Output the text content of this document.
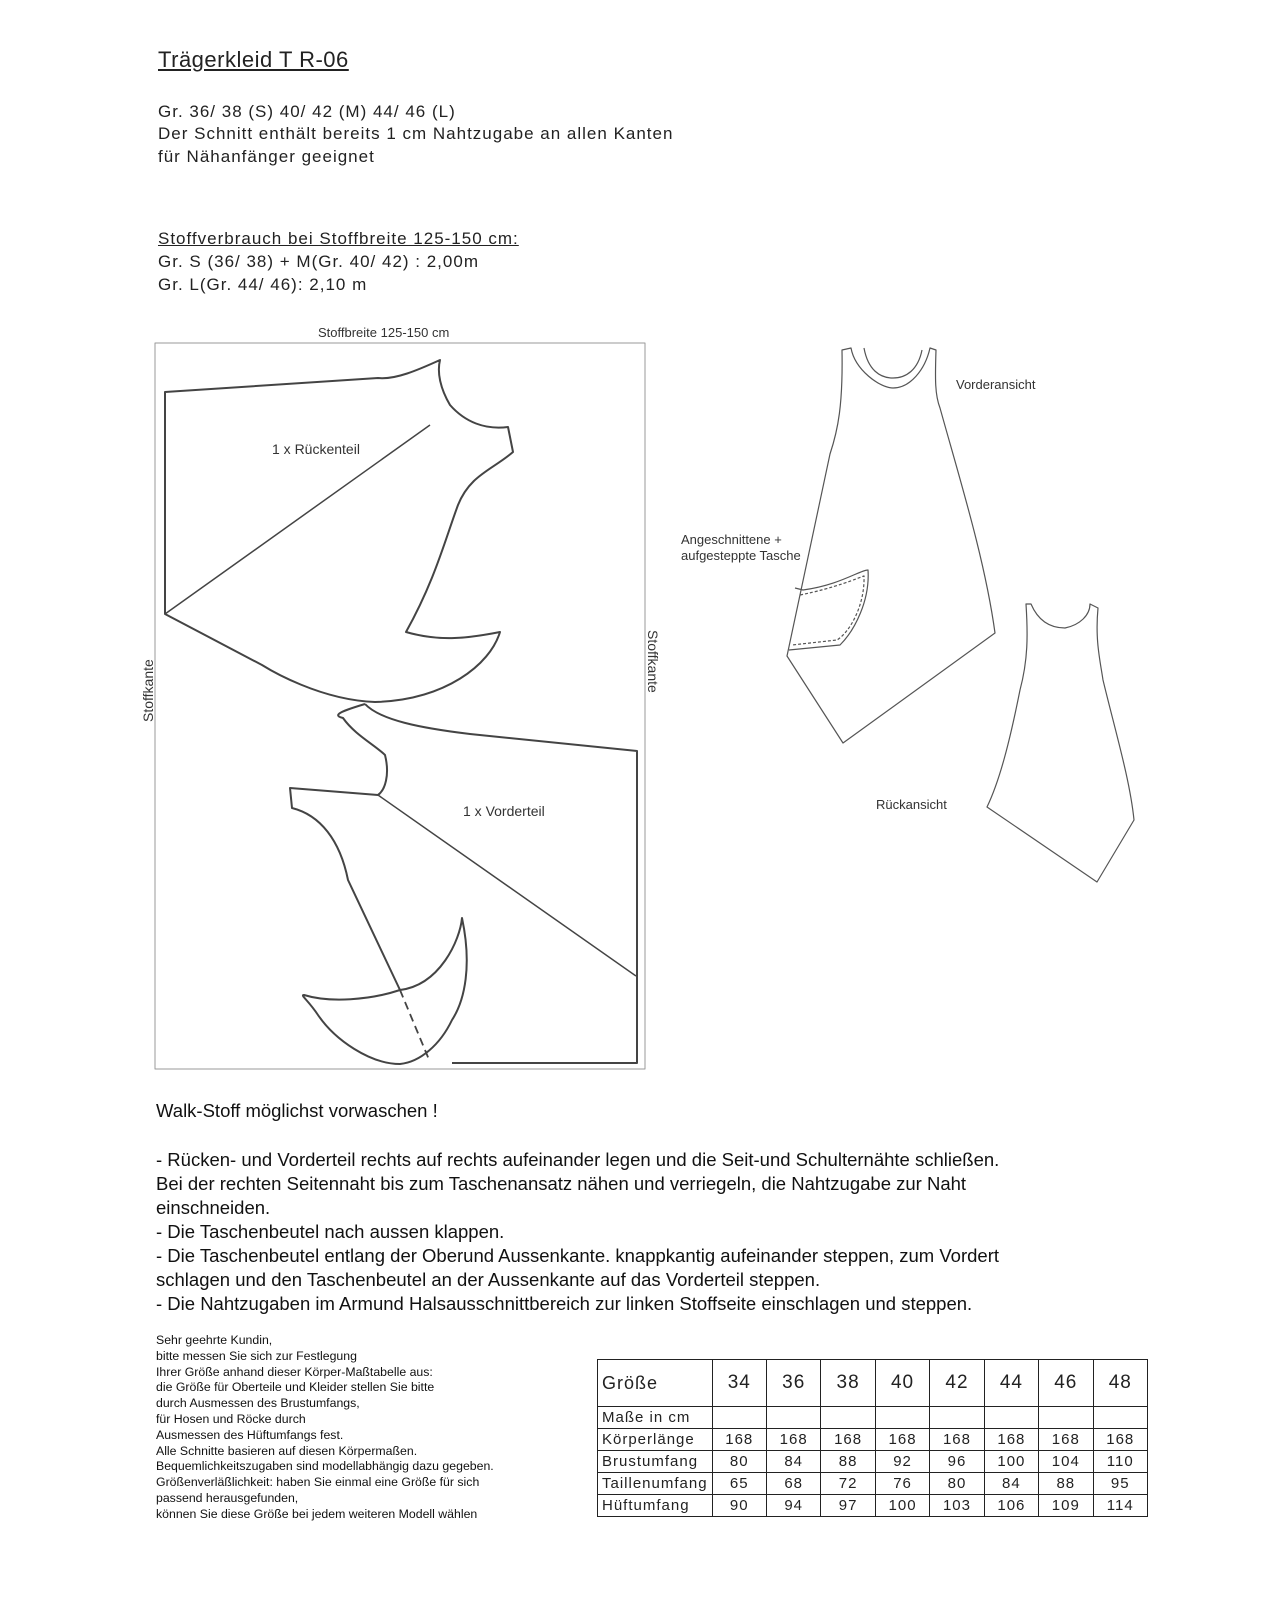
Trägerkleid T R-06
Gr. 36/ 38 (S) 40/ 42 (M) 44/ 46 (L)
Der Schnitt enthält bereits 1 cm Nahtzugabe an allen Kanten
für Nähanfänger geeignet
Stoffverbrauch bei Stoffbreite 125-150 cm:
Gr. S (36/ 38) + M(Gr. 40/ 42) : 2,00m
Gr. L(Gr. 44/ 46): 2,10 m
Stoffbreite 125-150 cm
Stoffkante	Stoffkante
1 x Rückenteil
1 x Vorderteil
Vorderansicht
Angeschnittene +
aufgesteppte Tasche
Rückansicht
Walk-Stoff möglichst vorwaschen !
- Rücken- und Vorderteil rechts auf rechts aufeinander legen und die Seit-und Schulternähte schließen.
Bei der rechten Seitennaht bis zum Taschenansatz nähen und verriegeln, die Nahtzugabe zur Naht
einschneiden.
- Die Taschenbeutel nach aussen klappen.
- Die Taschenbeutel entlang der Oberund Aussenkante. knappkantig aufeinander steppen, zum Vordert
schlagen und den Taschenbeutel an der Aussenkante auf das Vorderteil steppen.
- Die Nahtzugaben im Armund Halsausschnittbereich zur linken Stoffseite einschlagen und steppen.
Sehr geehrte Kundin,
bitte messen Sie sich zur Festlegung
Ihrer Größe anhand dieser Körper-Maßtabelle aus:
die Größe für Oberteile und Kleider stellen Sie bitte
durch Ausmessen des Brustumfangs,
für Hosen und Röcke durch
Ausmessen des Hüftumfangs fest.
Alle Schnitte basieren auf diesen Körpermaßen.
Bequemlichkeitszugaben sind modellabhängig dazu gegeben.
Größenverläßlichkeit: haben Sie einmal eine Größe für sich
passend herausgefunden,
können Sie diese Größe bei jedem weiteren Modell wählen
Größe	34	36	38	40	42	44	46	48
Maße in cm								
Körperlänge	168	168	168	168	168	168	168	168
Brustumfang	80	84	88	92	96	100	104	110
Taillenumfang	65	68	72	76	80	84	88	95
Hüftumfang	90	94	97	100	103	106	109	114
